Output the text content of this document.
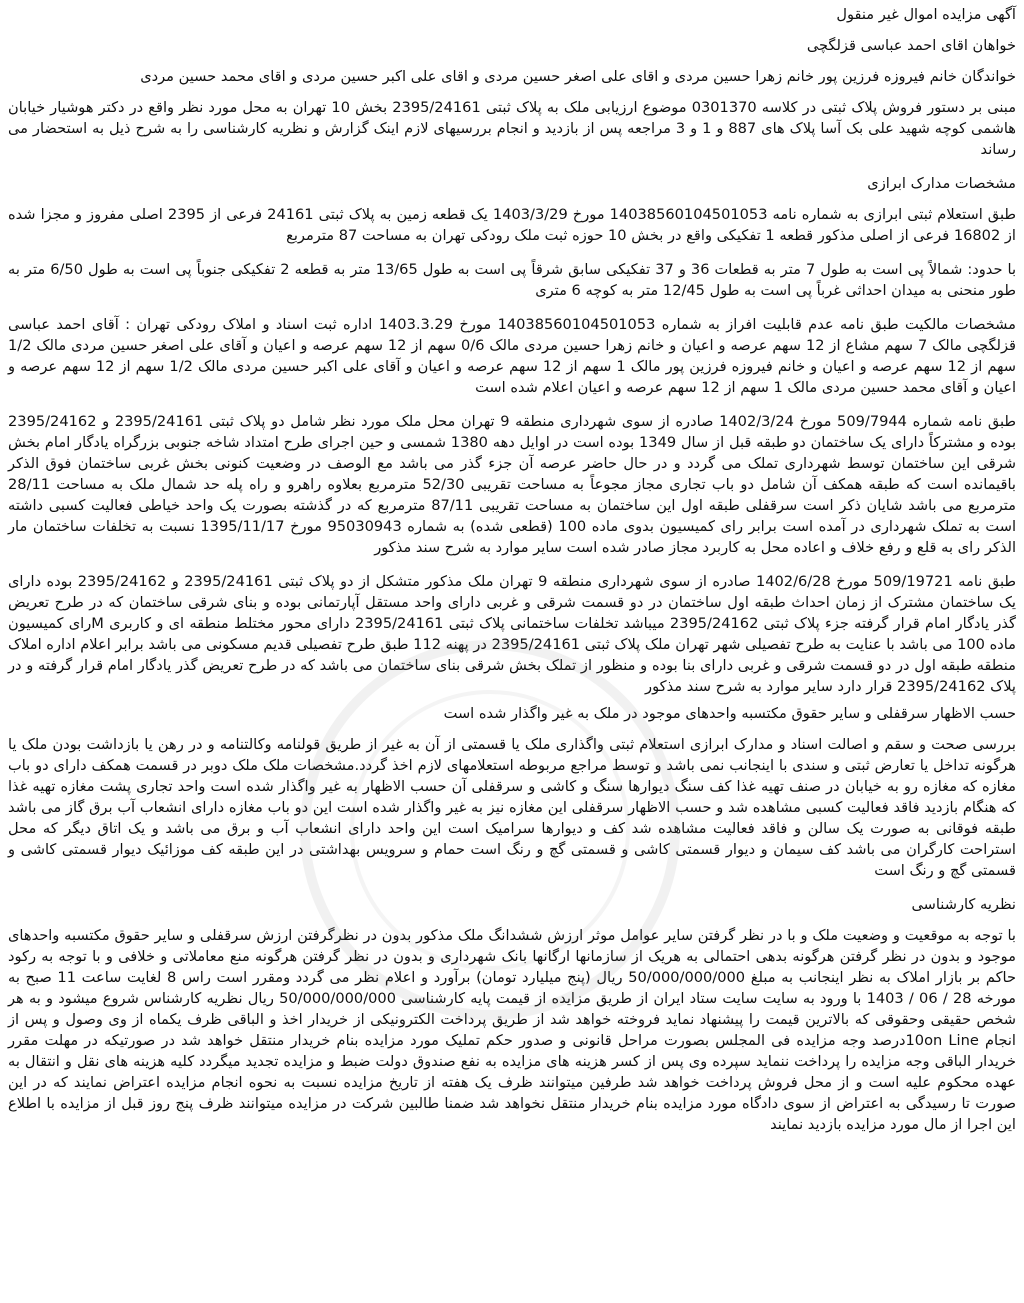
آگهی مزایده اموال غیر منقول
خواهان اقای احمد عباسی قزلگچی
خواندگان خانم فیروزه فرزین پور خانم زهرا حسین مردی و اقای علی اصغر حسین مردی و اقای علی اکبر حسین مردی و اقای محمد حسین مردی
مبنی بر دستور فروش پلاک ثبتی در کلاسه 0301370 موضوع ارزیابی ملک به پلاک ثبتی 2395/24161 بخش 10 تهران به محل مورد نظر واقع در دکتر هوشیار خیابان هاشمی کوچه شهید علی بک آسا پلاک های 887 و 1 و 3 مراجعه پس از بازدید و انجام بررسیهای لازم اینک گزارش و نظریه کارشناسی را به شرح ذیل به استحضار می رساند
مشخصات مدارک ابرازی
طبق استعلام ثبتی ابرازی به شماره نامه 14038560104501053 مورخ 1403/3/29 یک قطعه زمین به پلاک ثبتی 24161 فرعی از 2395 اصلی مفروز و مجزا شده از 16802 فرعی از اصلی مذکور قطعه 1 تفکیکی واقع در بخش 10 حوزه ثبت ملک رودکی تهران به مساحت 87 مترمربع
با حدود: شمالاً پی است به طول 7 متر به قطعات 36 و 37 تفکیکی سابق شرقاً پی است به طول 13/65 متر به قطعه 2 تفکیکی جنوباً پی است به طول 6/50 متر به طور منحنی به میدان احداثی غرباً پی است به طول 12/45 متر به کوچه 6 متری
مشخصات مالکیت طبق نامه عدم قابلیت افراز به شماره 14038560104501053 مورخ 1403.3.29 اداره ثبت اسناد و املاک رودکی تهران : آقای احمد عباسی قزلگچی مالک 7 سهم مشاع از 12 سهم عرصه و اعیان و خانم زهرا حسین مردی مالک 0/6 سهم از 12 سهم عرصه و اعیان و آقای علی اصغر حسین مردی مالک 1/2 سهم از 12 سهم عرصه و اعیان و خانم فیروزه فرزین پور مالک 1 سهم از 12 سهم عرصه و اعیان و آقای علی اکبر حسین مردی مالک 1/2 سهم از 12 سهم عرصه و اعیان و آقای محمد حسین مردی مالک 1 سهم از 12 سهم عرصه و اعیان اعلام شده است
طبق نامه شماره 509/7944 مورخ 1402/3/24 صادره از سوی شهرداری منطقه 9 تهران محل ملک مورد نظر شامل دو پلاک ثبتی 2395/24161 و 2395/24162 بوده و مشترکاً دارای یک ساختمان دو طبقه قبل از سال 1349 بوده است در اوایل دهه 1380 شمسی و حین اجرای طرح امتداد شاخه جنوبی بزرگراه یادگار امام بخش شرقی این ساختمان توسط شهرداری تملک می گردد و در حال حاضر عرصه آن جزء گذر می باشد مع الوصف در وضعیت کنونی بخش غربی ساختمان فوق الذکر باقیمانده است که طبقه همکف آن شامل دو باب تجاری مجاز مجوعاً به مساحت تقریبی 52/30 مترمربع بعلاوه راهرو و راه پله حد شمال ملک به مساحت 28/11 مترمربع می باشد شایان ذکر است سرقفلی طبقه اول این ساختمان به مساحت تقریبی 87/11 مترمربع که در گذشته بصورت یک واحد خیاطی فعالیت کسبی داشته است به تملک شهرداری در آمده است برابر رای کمیسیون بدوی ماده 100 (قطعی شده) به شماره 95030943 مورخ 1395/11/17 نسبت به تخلفات ساختمان مار الذکر رای به قلع و رفع خلاف و اعاده محل به کاربرد مجاز صادر شده است سایر موارد به شرح سند مذکور
طبق نامه 509/19721 مورخ 1402/6/28 صادره از سوی شهرداری منطقه 9 تهران ملک مذکور متشکل از دو پلاک ثبتی 2395/24161 و 2395/24162 بوده دارای یک ساختمان مشترک از زمان احداث طبقه اول ساختمان در دو قسمت شرقی و غربی دارای واحد مستقل آپارتمانی بوده و بنای شرقی ساختمان که در طرح تعریض گذر یادگار امام قرار گرفته جزء پلاک ثبتی 2395/24162 میباشد تخلفات ساختمانی پلاک ثبتی 2395/24161 دارای محور مختلط منطقه ای و کاربری Mرای کمیسیون ماده 100 می باشد با عنایت به طرح تفصیلی شهر تهران ملک پلاک ثبتی 2395/24161 در پهنه 112 طبق طرح تفصیلی قدیم مسکونی می باشد برابر اعلام اداره املاک منطقه طبقه اول در دو قسمت شرقی و غربی دارای بنا بوده و منظور از تملک بخش شرقی بنای ساختمان می باشد که در طرح تعریض گذر یادگار امام قرار گرفته و در پلاک 2395/24162 قرار دارد سایر موارد به شرح سند مذکور
حسب الاظهار سرقفلی و سایر حقوق مکتسبه واحدهای موجود در ملک به غیر واگذار شده است
بررسی صحت و سقم و اصالت اسناد و مدارک ابرازی استعلام ثبتی واگذاری ملک یا قسمتی از آن به غیر از طریق قولنامه وکالتنامه و در رهن یا بازداشت بودن ملک یا هرگونه تداخل یا تعارض ثبتی و سندی با اینجانب نمی باشد و توسط مراجع مربوطه استعلامهای لازم اخذ گردد.مشخصات ملک ملک دوبر در قسمت همکف دارای دو باب مغازه که مغازه رو به خیابان در صنف تهیه غذا کف سنگ دیوارها سنگ و کاشی و سرقفلی آن حسب الاظهار به غیر واگذار شده است واحد تجاری پشت مغازه تهیه غذا که هنگام بازدید فاقد فعالیت کسبی مشاهده شد و حسب الاظهار سرقفلی این مغازه نیز به غیر واگذار شده است این دو باب مغازه دارای انشعاب آب برق گاز می باشد طبقه فوقانی به صورت یک سالن و فاقد فعالیت مشاهده شد کف و دیوارها سرامیک است این واحد دارای انشعاب آب و برق می باشد و یک اتاق دیگر که محل استراحت کارگران می باشد کف سیمان و دیوار قسمتی کاشی و قسمتی گچ و رنگ است حمام و سرویس بهداشتی در این طبقه کف موزائیک دیوار قسمتی کاشی و قسمتی گچ و رنگ است
نظریه کارشناسی
با توجه به موقعیت و وضعیت ملک و با در نظر گرفتن سایر عوامل موثر ارزش ششدانگ ملک مذکور بدون در نظرگرفتن ارزش سرقفلی و سایر حقوق مکتسبه واحدهای موجود و بدون در نظر گرفتن هرگونه بدهی احتمالی به هریک از سازمانها ارگانها بانک شهرداری و بدون در نظر گرفتن هرگونه منع معاملاتی و خلافی و با توجه به رکود حاکم بر بازار املاک به نظر اینجانب به مبلغ 50/000/000/000 ریال (پنج میلیارد تومان) برآورد و اعلام نظر می گردد ومقرر است راس 8 لغایت ساعت 11 صبح به مورخه 28 / 06 / 1403 با ورود به سایت سایت ستاد ایران از طریق مزایده از قیمت پایه کارشناسی 50/000/000/000 ریال نظریه کارشناس شروع میشود و به هر شخص حقیقی وحقوقی که بالاترین قیمت را پیشنهاد نماید فروخته خواهد شد از طریق پرداخت الکترونیکی از خریدار اخذ و الباقی ظرف یکماه از وی وصول و پس از انجام 10on Lineدرصد وجه مزایده فی المجلس بصورت مراحل قانونی و صدور حکم تملیک مورد مزایده بنام خریدار منتقل خواهد شد در صورتیکه در مهلت مقرر خریدار الباقی وجه مزایده را پرداخت ننماید سپرده وی پس از کسر هزینه های مزایده به نفع صندوق دولت ضبط و مزایده تجدید میگردد کلیه هزینه های نقل و انتقال به عهده محکوم علیه است و از محل فروش پرداخت خواهد شد طرفین میتوانند ظرف یک هفته از تاریخ مزایده نسبت به نحوه انجام مزایده اعتراض نمایند که در این صورت تا رسیدگی به اعتراض از سوی دادگاه مورد مزایده بنام خریدار منتقل نخواهد شد ضمنا طالبین شرکت در مزایده میتوانند ظرف پنج روز قبل از مزایده با اطلاع این اجرا از مال مورد مزایده بازدید نمایند
